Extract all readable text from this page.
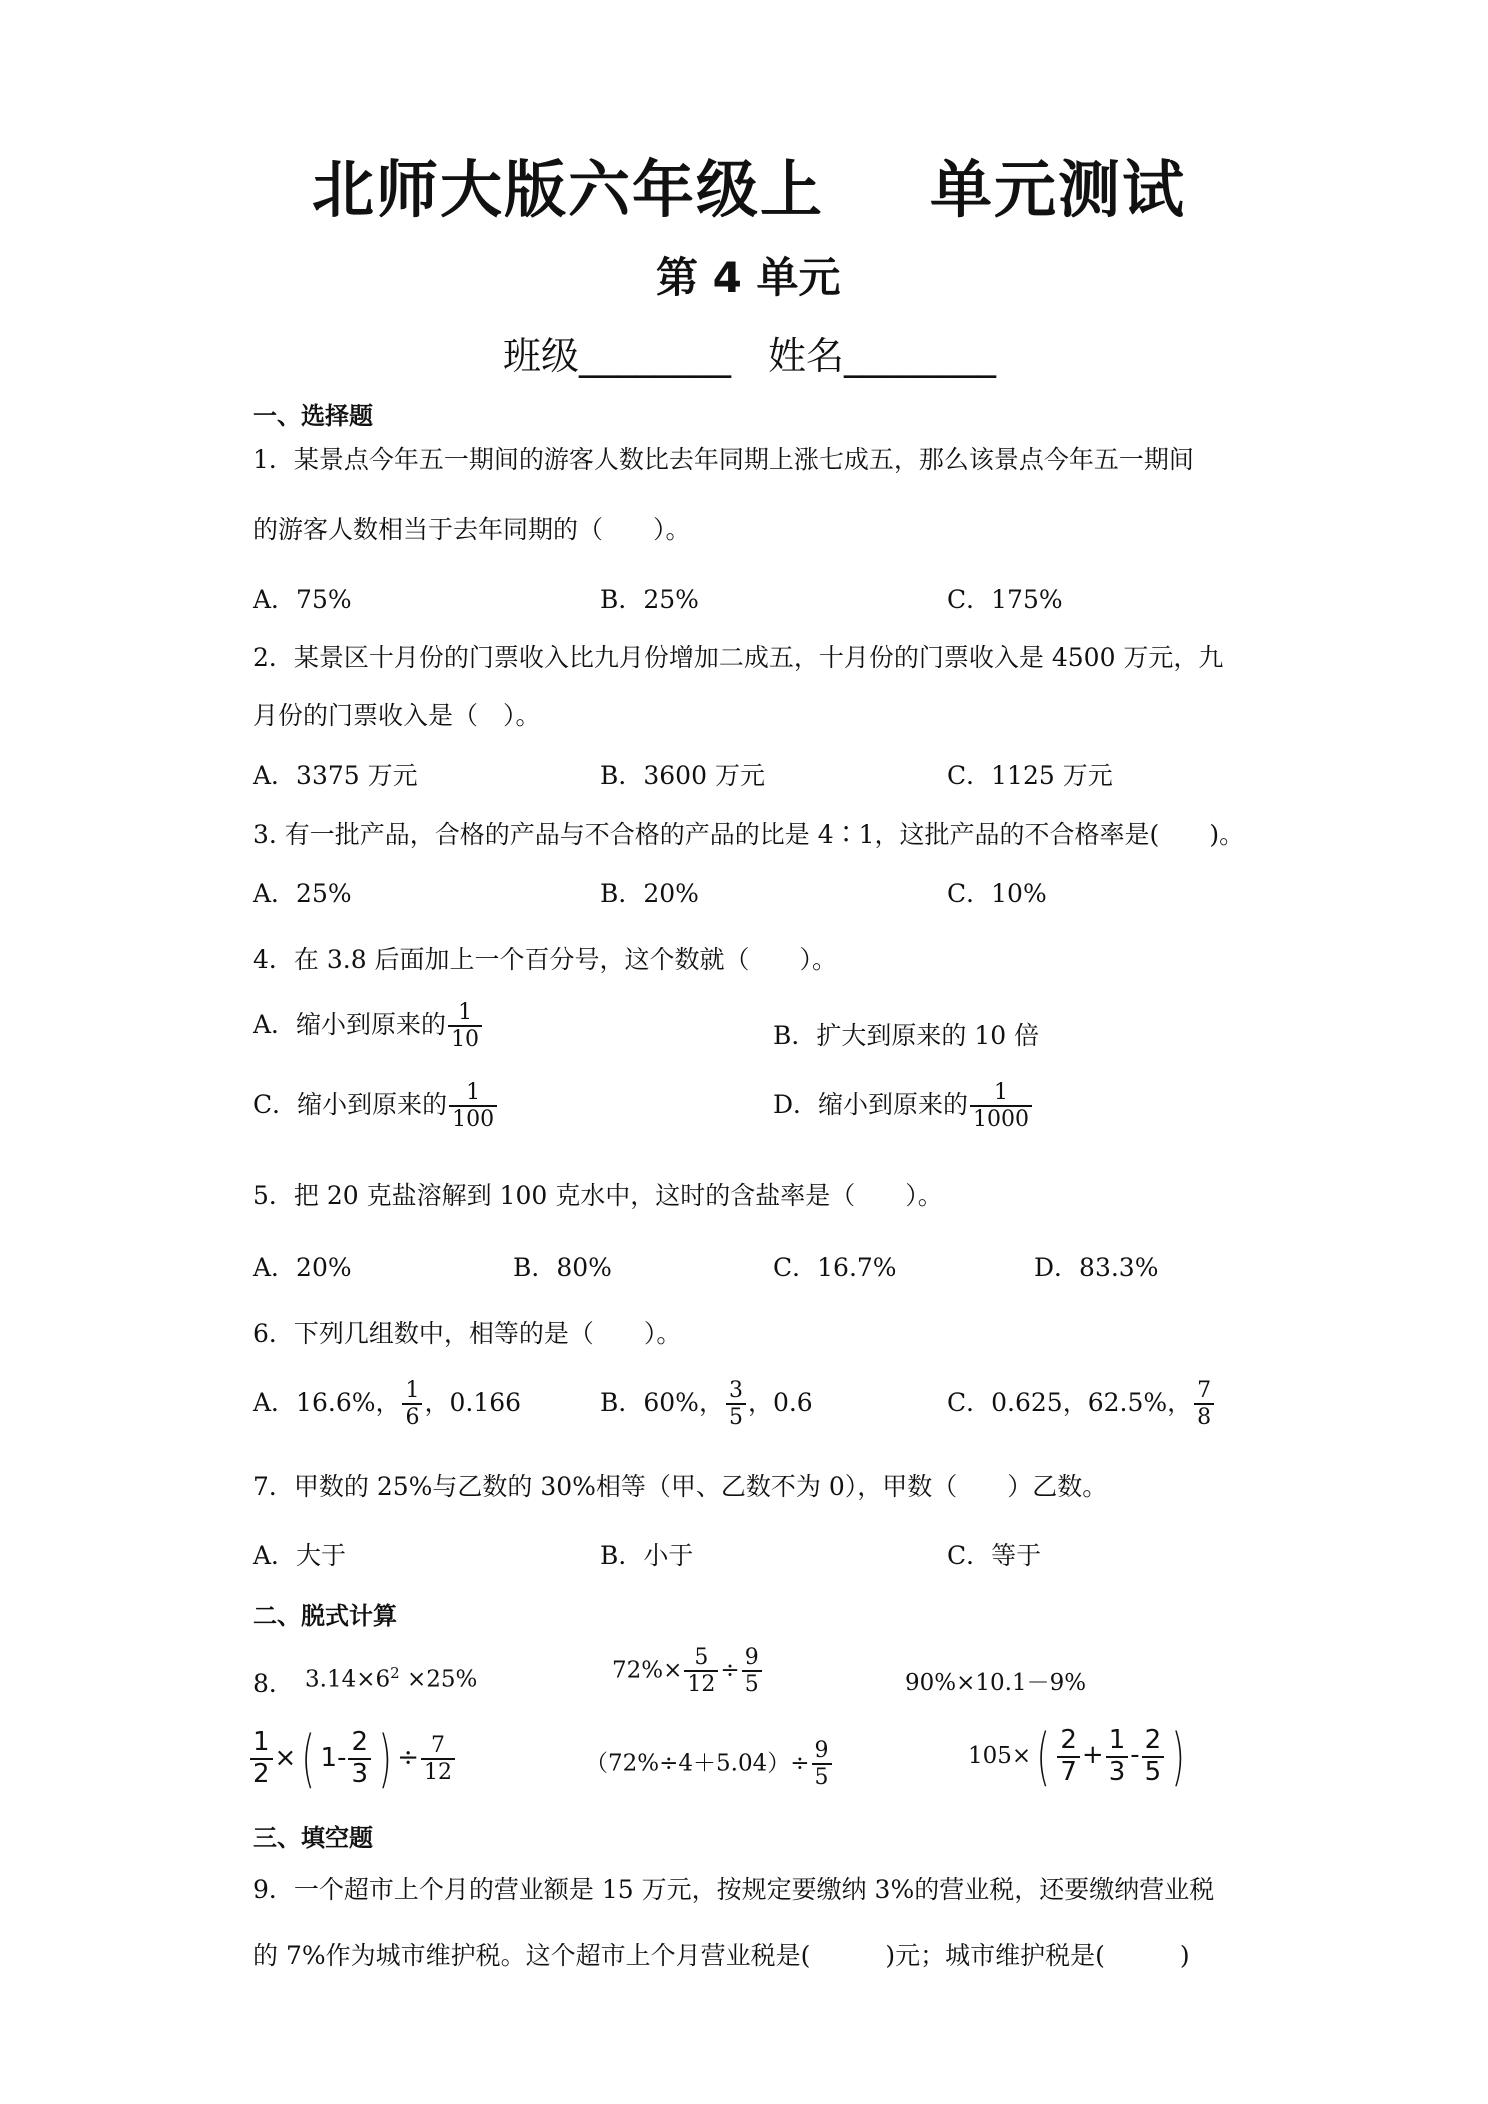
北师大版六年级上 单元测试
第 4 单元
班级________ 姓名________
一、选择题
1．某景点今年五一期间的游客人数比去年同期上涨七成五，那么该景点今年五一期间
的游客人数相当于去年同期的（　　）。
A．75%	B．25%	C．175%
2．某景区十月份的门票收入比九月份增加二成五，十月份的门票收入是 4500 万元，九
月份的门票收入是（　）。
A．3375 万元	B．3600 万元	C．1125 万元
3. 有一批产品，合格的产品与不合格的产品的比是 4∶1，这批产品的不合格率是(　　)。
A．25%	B．20%	C．10%
4．在 3.8 后面加上一个百分号，这个数就（　　）。
A．缩小到原来的 $\frac{1}{10}$	B．扩大到原来的 10 倍
C．缩小到原来的 $\frac{1}{100}$	D．缩小到原来的 $\frac{1}{1000}$
5．把 20 克盐溶解到 100 克水中，这时的含盐率是（　　）。
A．20%	B．80%	C．16.7%	D．83.3%
6．下列几组数中，相等的是（　　）。
A．16.6%， $\frac{1}{6}$ ，0.166	B．60%， $\frac{3}{5}$ ，0.6	C．0.625，62.5%， $\frac{7}{8}$
7．甲数的 25%与乙数的 30%相等（甲、乙数不为 0），甲数（　　）乙数。
A．大于	B．小于	C．等于
二、脱式计算
8． $3.14\times 6^2 \times 25\%$	$72\%\times \frac{5}{12} \div \frac{9}{5}$	90%×10.1－9%
$\frac{1}{2}$ ×( $1- \frac{2}{3}$ ) ÷ $\frac{7}{12}$	$(72\%\div 4+5.04)\div \frac{9}{5}$	$105\times( \frac{2}{7} + \frac{1}{3} - \frac{2}{5}$ )
三、填空题
9．一个超市上个月的营业额是 15 万元，按规定要缴纳 3%的营业税，还要缴纳营业税
的 7%作为城市维护税。这个超市上个月营业税是(　　　)元；城市维护税是(　　　)
